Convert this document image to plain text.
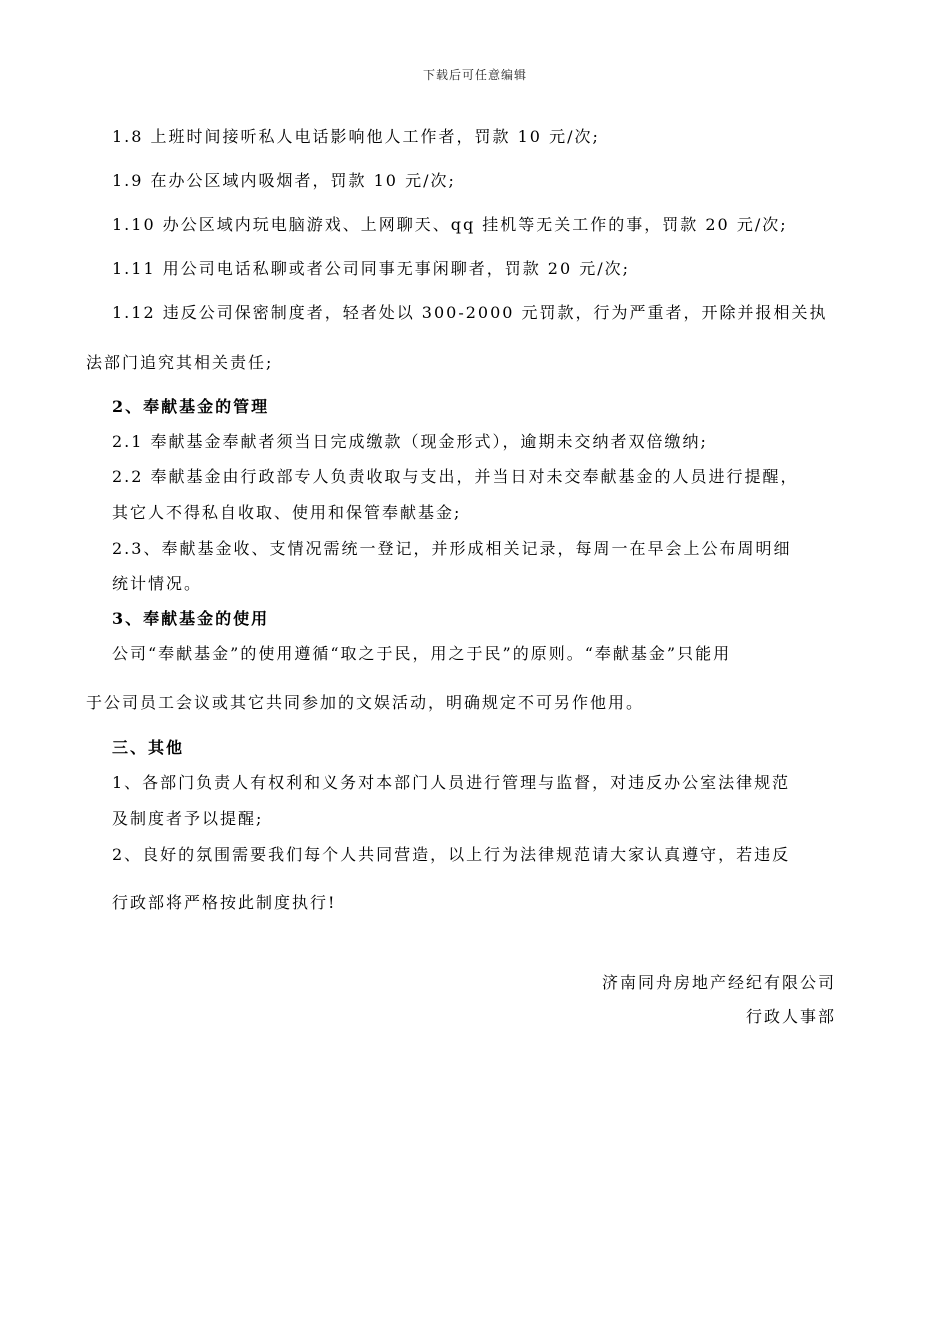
下载后可任意编辑
1.8 上班时间接听私人电话影响他人工作者，罚款 10 元/次;
1.9 在办公区域内吸烟者，罚款 10 元/次;
1.10 办公区域内玩电脑游戏、上网聊天、qq 挂机等无关工作的事，罚款 20 元/次;
1.11 用公司电话私聊或者公司同事无事闲聊者，罚款 20 元/次;
1.12 违反公司保密制度者，轻者处以 300-2000 元罚款，行为严重者，开除并报相关执
法部门追究其相关责任;
2、奉献基金的管理
2.1 奉献基金奉献者须当日完成缴款（现金形式），逾期未交纳者双倍缴纳;
2.2 奉献基金由行政部专人负责收取与支出，并当日对未交奉献基金的人员进行提醒，
其它人不得私自收取、使用和保管奉献基金;
2.3、奉献基金收、支情况需统一登记，并形成相关记录，每周一在早会上公布周明细
统计情况。
3、奉献基金的使用
公司“奉献基金”的使用遵循“取之于民，用之于民”的原则。“奉献基金”只能用
于公司员工会议或其它共同参加的文娱活动，明确规定不可另作他用。
三、其他
1、各部门负责人有权利和义务对本部门人员进行管理与监督，对违反办公室法律规范
及制度者予以提醒;
2、良好的氛围需要我们每个人共同营造，以上行为法律规范请大家认真遵守，若违反
行政部将严格按此制度执行!
济南同舟房地产经纪有限公司
行政人事部
